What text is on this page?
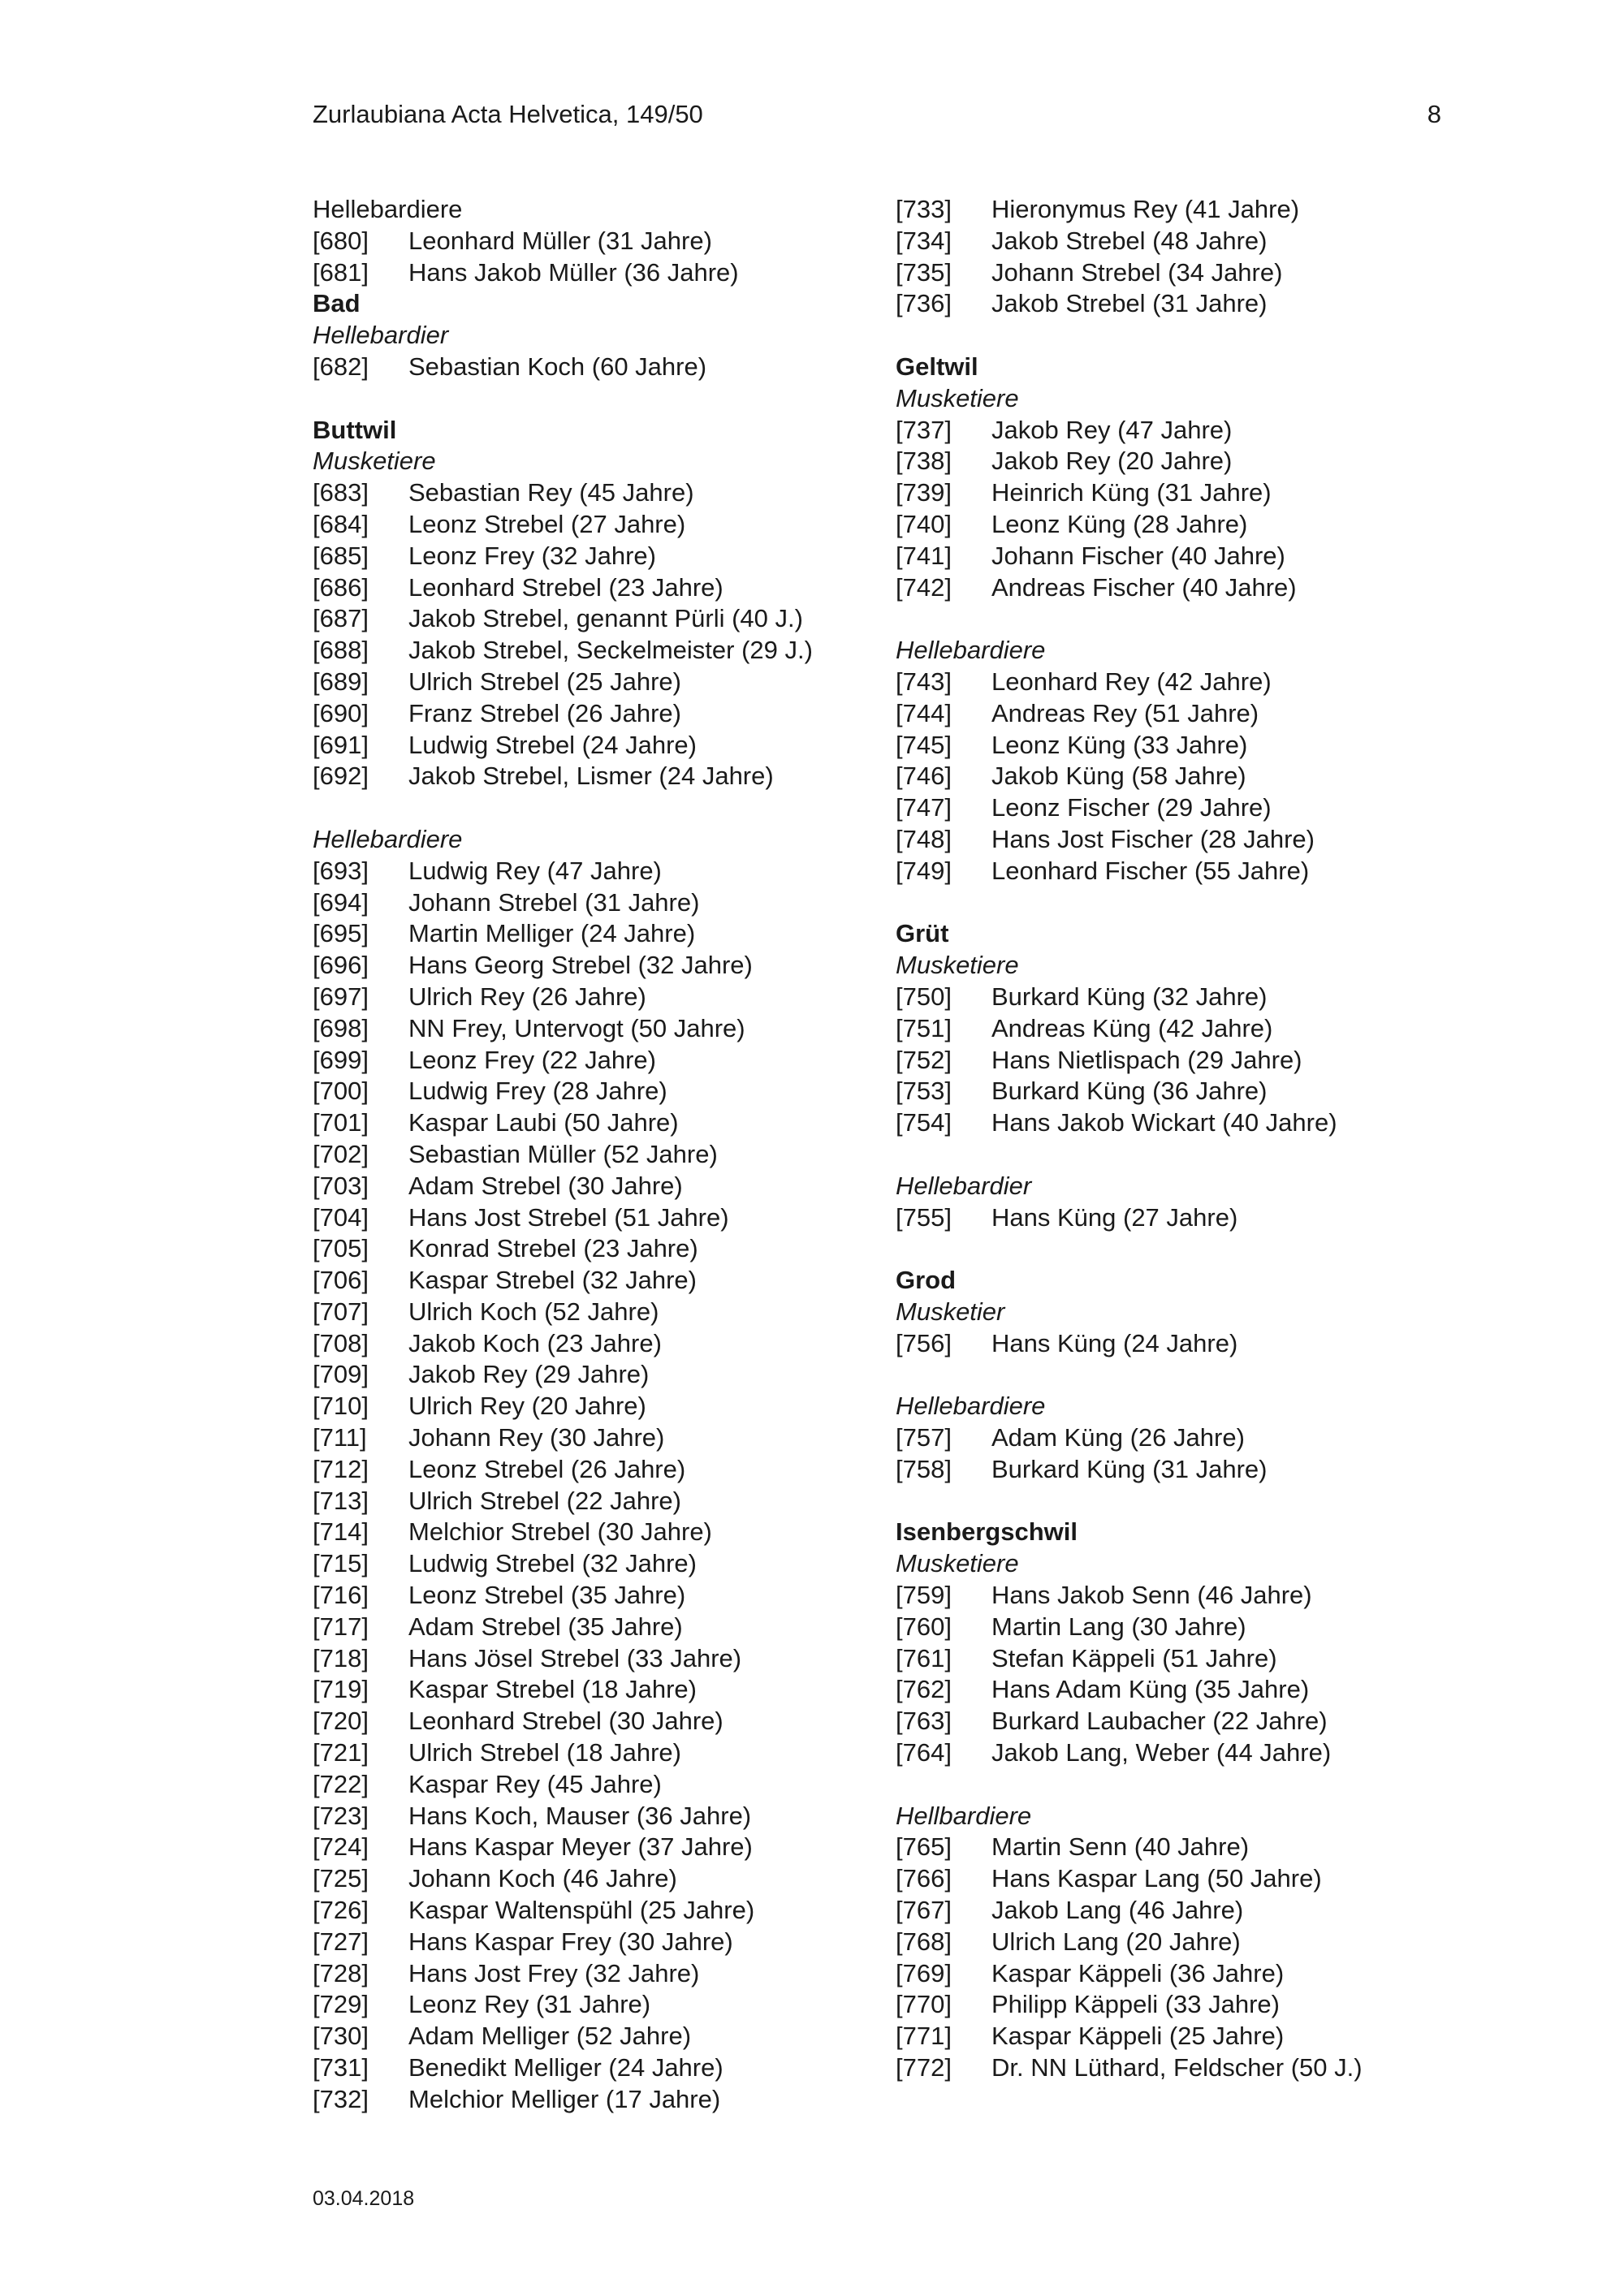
Zurlaubiana Acta Helvetica, 149/50	8
Hellebardiere
[680] Leonhard Müller (31 Jahre)
[681] Hans Jakob Müller (36 Jahre)
Bad
Hellebardier
[682] Sebastian Koch (60 Jahre)
Buttwil
Musketiere
[683] Sebastian Rey (45 Jahre)
[684] Leonz Strebel (27 Jahre)
[685] Leonz Frey (32 Jahre)
[686] Leonhard Strebel (23 Jahre)
[687] Jakob Strebel, genannt Pürli (40 J.)
[688] Jakob Strebel, Seckelmeister (29 J.)
[689] Ulrich Strebel (25 Jahre)
[690] Franz Strebel (26 Jahre)
[691] Ludwig Strebel (24 Jahre)
[692] Jakob Strebel, Lismer (24 Jahre)
Hellebardiere
[693] Ludwig Rey (47 Jahre)
[694] Johann Strebel (31 Jahre)
[695] Martin Melliger (24 Jahre)
[696] Hans Georg Strebel (32 Jahre)
[697] Ulrich Rey (26 Jahre)
[698] NN Frey, Untervogt (50 Jahre)
[699] Leonz Frey (22 Jahre)
[700] Ludwig Frey (28 Jahre)
[701] Kaspar Laubi (50 Jahre)
[702] Sebastian Müller (52 Jahre)
[703] Adam Strebel (30 Jahre)
[704] Hans Jost Strebel (51 Jahre)
[705] Konrad Strebel (23 Jahre)
[706] Kaspar Strebel (32 Jahre)
[707] Ulrich Koch (52 Jahre)
[708] Jakob Koch (23 Jahre)
[709] Jakob Rey (29 Jahre)
[710] Ulrich Rey (20 Jahre)
[711] Johann Rey (30 Jahre)
[712] Leonz Strebel (26 Jahre)
[713] Ulrich Strebel (22 Jahre)
[714] Melchior Strebel (30 Jahre)
[715] Ludwig Strebel (32 Jahre)
[716] Leonz Strebel (35 Jahre)
[717] Adam Strebel (35 Jahre)
[718] Hans Jösel Strebel (33 Jahre)
[719] Kaspar Strebel (18 Jahre)
[720] Leonhard Strebel (30 Jahre)
[721] Ulrich Strebel (18 Jahre)
[722] Kaspar Rey (45 Jahre)
[723] Hans Koch, Mauser (36 Jahre)
[724] Hans Kaspar Meyer (37 Jahre)
[725] Johann Koch (46 Jahre)
[726] Kaspar Waltenspühl (25 Jahre)
[727] Hans Kaspar Frey (30 Jahre)
[728] Hans Jost Frey (32 Jahre)
[729] Leonz Rey (31 Jahre)
[730] Adam Melliger (52 Jahre)
[731] Benedikt Melliger (24 Jahre)
[732] Melchior Melliger (17 Jahre)
[733] Hieronymus Rey (41 Jahre)
[734] Jakob Strebel (48 Jahre)
[735] Johann Strebel (34 Jahre)
[736] Jakob Strebel (31 Jahre)
Geltwil
Musketiere
[737] Jakob Rey (47 Jahre)
[738] Jakob Rey (20 Jahre)
[739] Heinrich Küng (31 Jahre)
[740] Leonz Küng (28 Jahre)
[741] Johann Fischer (40 Jahre)
[742] Andreas Fischer (40 Jahre)
Hellebardiere
[743] Leonhard Rey (42 Jahre)
[744] Andreas Rey (51 Jahre)
[745] Leonz Küng (33 Jahre)
[746] Jakob Küng (58 Jahre)
[747] Leonz Fischer (29 Jahre)
[748] Hans Jost Fischer (28 Jahre)
[749] Leonhard Fischer (55 Jahre)
Grüt
Musketiere
[750] Burkard Küng (32 Jahre)
[751] Andreas Küng (42 Jahre)
[752] Hans Nietlispach (29 Jahre)
[753] Burkard Küng (36 Jahre)
[754] Hans Jakob Wickart (40 Jahre)
Hellebardier
[755] Hans Küng (27 Jahre)
Grod
Musketier
[756] Hans Küng (24 Jahre)
Hellebardiere
[757] Adam Küng (26 Jahre)
[758] Burkard Küng (31 Jahre)
Isenbergschwil
Musketiere
[759] Hans Jakob Senn (46 Jahre)
[760] Martin Lang (30 Jahre)
[761] Stefan Käppeli (51 Jahre)
[762] Hans Adam Küng (35 Jahre)
[763] Burkard Laubacher (22 Jahre)
[764] Jakob Lang, Weber (44 Jahre)
Hellbardiere
[765] Martin Senn (40 Jahre)
[766] Hans Kaspar Lang (50 Jahre)
[767] Jakob Lang (46 Jahre)
[768] Ulrich Lang (20 Jahre)
[769] Kaspar Käppeli (36 Jahre)
[770] Philipp Käppeli (33 Jahre)
[771] Kaspar Käppeli (25 Jahre)
[772] Dr. NN Lüthard, Feldscher (50 J.)
03.04.2018
